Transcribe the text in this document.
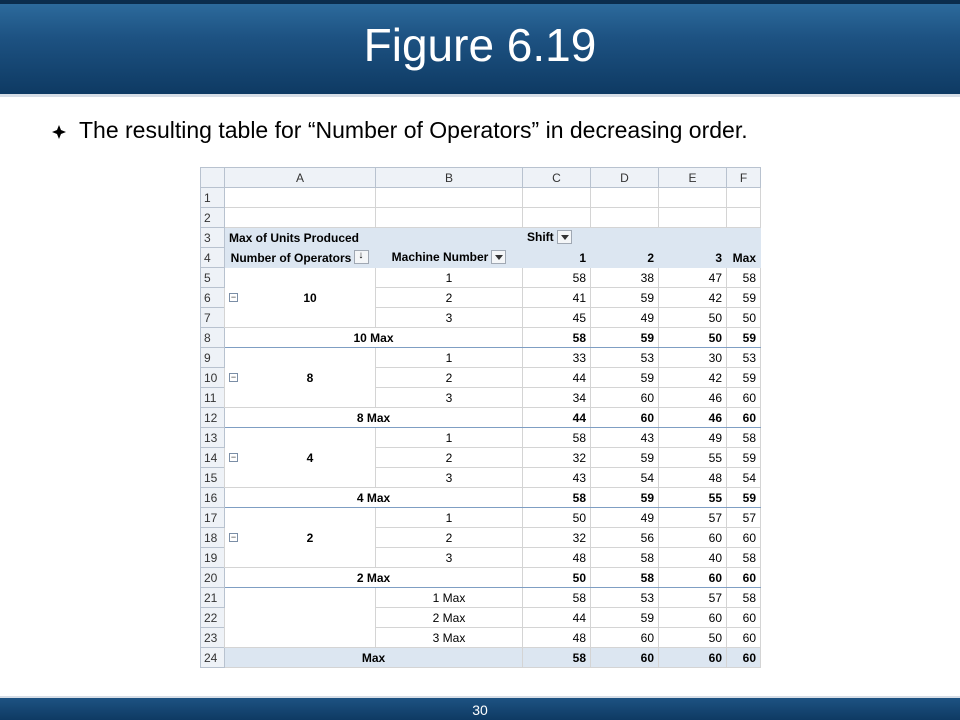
Figure 6.19
The resulting table for “Number of Operators” in decreasing order.
	A	B	C	D	E	F
1						
2						
3	Max of Units Produced		Shift			
4	Number of Operators↓	Machine Number	1	2	3	Max
5	− 10	1	58	38	47	58
6		2	41	59	42	59
7		3	45	49	50	50
8	10 Max		58	59	50	59
9	− 8	1	33	53	30	53
10		2	44	59	42	59
11		3	34	60	46	60
12	8 Max		44	60	46	60
13	− 4	1	58	43	49	58
14		2	32	59	55	59
15		3	43	54	48	54
16	4 Max		58	59	55	59
17	− 2	1	50	49	57	57
18		2	32	56	60	60
19		3	48	58	40	58
20	2 Max		50	58	60	60
21		1 Max	58	53	57	58
22		2 Max	44	59	60	60
23		3 Max	48	60	50	60
24	Max		58	60	60	60
30
